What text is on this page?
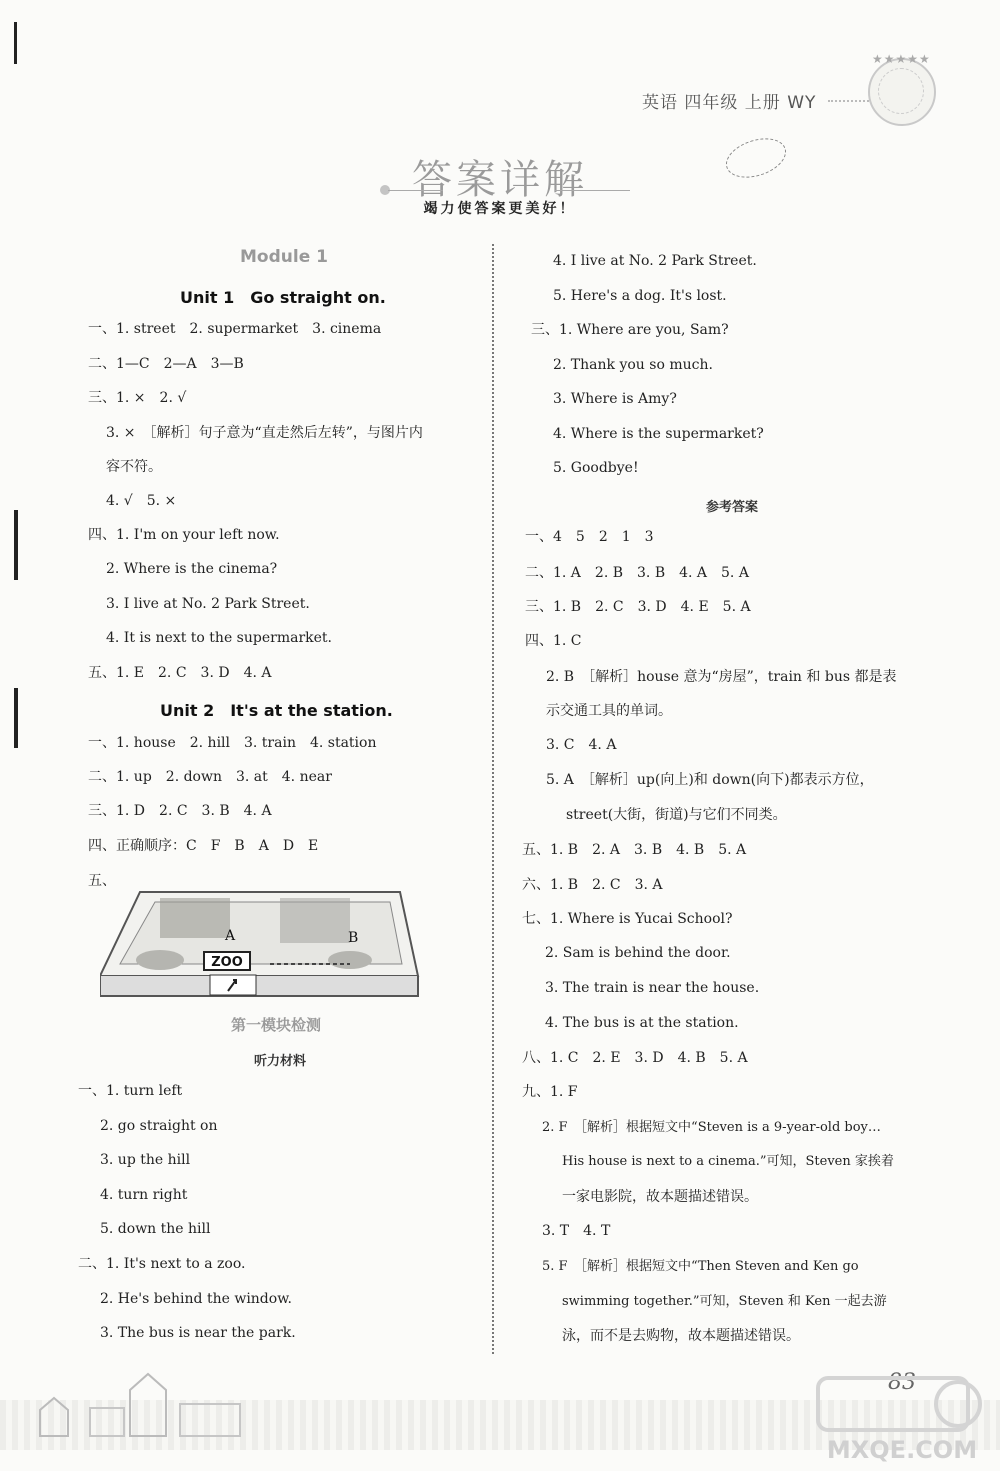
英语 四年级 上册 WY
★★★★★
答案详解
竭力使答案更美好！
Module 1
Unit 1　Go straight on.
一、1. street　2. supermarket　3. cinema
二、1—C　2—A　3—B
三、1. ×　2. √
3. ×　［解析］句子意为“直走然后左转”，与图片内
容不符。
4. √　5. ×
四、1. I'm on your left now.
2. Where is the cinema?
3. I live at No. 2 Park Street.
4. It is next to the supermarket.
五、1. E　2. C　3. D　4. A
Unit 2　It's at the station.
一、1. house　2. hill　3. train　4. station
二、1. up　2. down　3. at　4. near
三、1. D　2. C　3. B　4. A
四、正确顺序：C　F　B　A　D　E
五、
ZOO
A	B
第一模块检测
听力材料
一、1. turn left
2. go straight on
3. up the hill
4. turn right
5. down the hill
二、1. It's next to a zoo.
2. He's behind the window.
3. The bus is near the park.
4. I live at No. 2 Park Street.
5. Here's a dog. It's lost.
三、1. Where are you, Sam?
2. Thank you so much.
3. Where is Amy?
4. Where is the supermarket?
5. Goodbye!
参考答案
一、4　5　2　1　3
二、1. A　2. B　3. B　4. A　5. A
三、1. B　2. C　3. D　4. E　5. A
四、1. C
2. B　［解析］house 意为“房屋”，train 和 bus 都是表
示交通工具的单词。
3. C　4. A
5. A　［解析］up(向上)和 down(向下)都表示方位，
street(大街，街道)与它们不同类。
五、1. B　2. A　3. B　4. B　5. A
六、1. B　2. C　3. A
七、1. Where is Yucai School?
2. Sam is behind the door.
3. The train is near the house.
4. The bus is at the station.
八、1. C　2. E　3. D　4. B　5. A
九、1. F
2. F　［解析］根据短文中“Steven is a 9-year-old boy…
His house is next to a cinema.”可知，Steven 家挨着
一家电影院，故本题描述错误。
3. T　4. T
5. F　［解析］根据短文中“Then Steven and Ken go
swimming together.”可知，Steven 和 Ken 一起去游
泳，而不是去购物，故本题描述错误。
83
MXQE.COM
